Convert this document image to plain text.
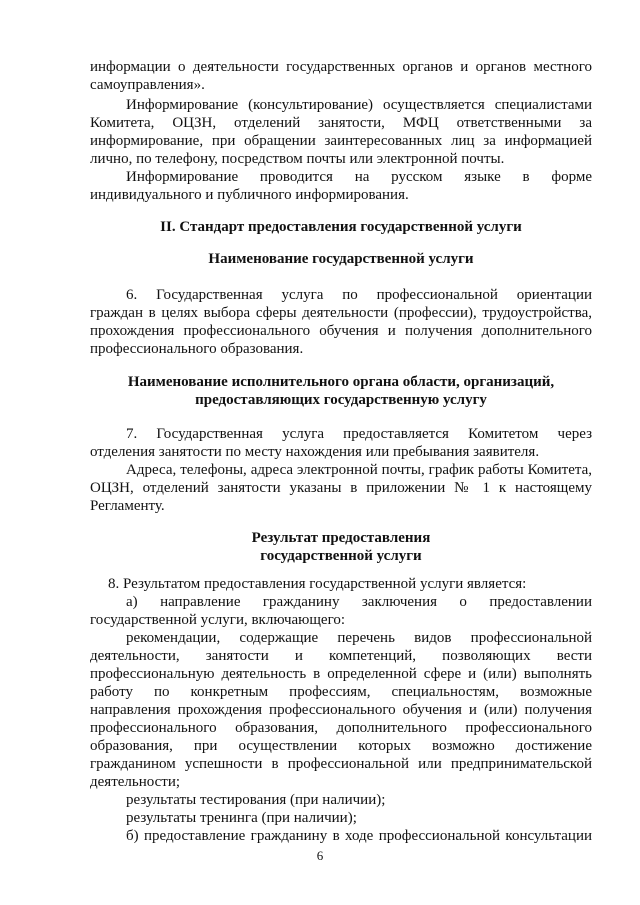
информации о деятельности государственных органов и органов местного
самоуправления».
Информирование (консультирование) осуществляется специалистами
Комитета, ОЦЗН, отделений занятости, МФЦ ответственными за
информирование, при обращении заинтересованных лиц за информацией
лично, по телефону, посредством почты или электронной почты.
Информирование проводится на русском языке в форме
индивидуального и публичного информирования.
II. Стандарт предоставления государственной услуги
Наименование государственной услуги
6. Государственная услуга по профессиональной ориентации
граждан в целях выбора сферы деятельности (профессии), трудоустройства,
прохождения профессионального обучения и получения дополнительного
профессионального образования.
Наименование исполнительного органа области, организаций,
предоставляющих государственную услугу
7. Государственная услуга предоставляется Комитетом через
отделения занятости по месту нахождения или пребывания заявителя.
Адреса, телефоны, адреса электронной почты, график работы Комитета,
ОЦЗН, отделений занятости указаны в приложении № 1 к настоящему
Регламенту.
Результат предоставления
государственной услуги
8. Результатом предоставления государственной услуги является:
а) направление гражданину заключения о предоставлении
государственной услуги, включающего:
рекомендации, содержащие перечень видов профессиональной
деятельности, занятости и компетенций, позволяющих вести
профессиональную деятельность в определенной сфере и (или) выполнять
работу по конкретным профессиям, специальностям, возможные
направления прохождения профессионального обучения и (или) получения
профессионального образования, дополнительного профессионального
образования, при осуществлении которых возможно достижение
гражданином успешности в профессиональной или предпринимательской
деятельности;
результаты тестирования (при наличии);
результаты тренинга (при наличии);
б) предоставление гражданину в ходе профессиональной консультации
6
